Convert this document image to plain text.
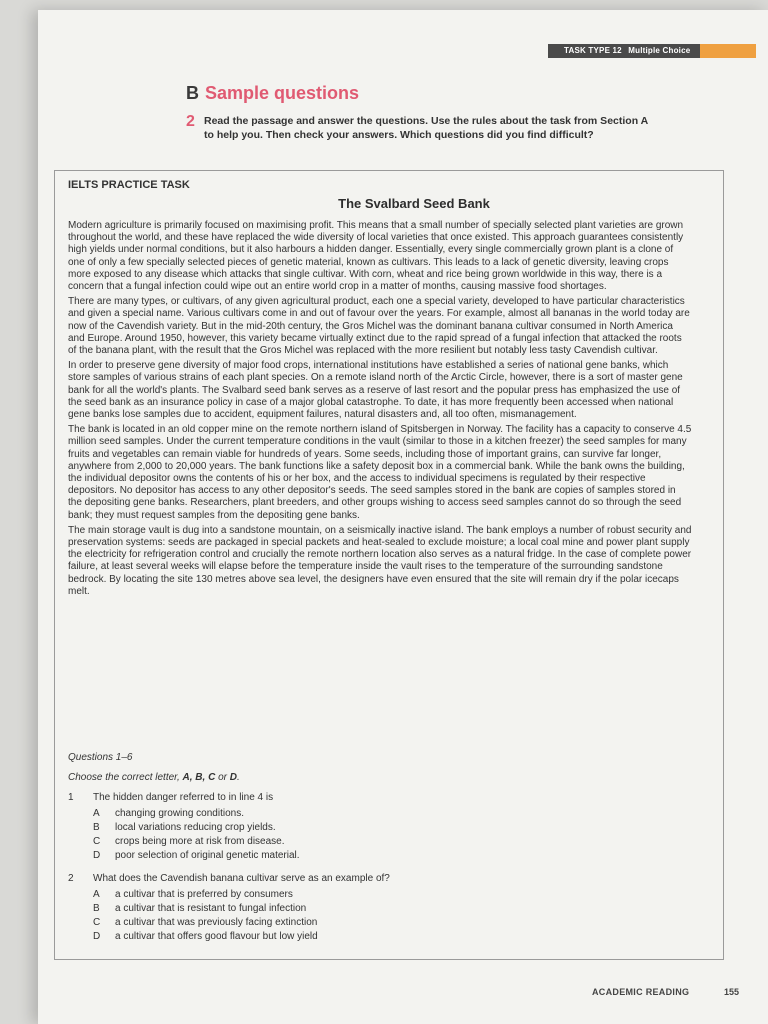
TASK TYPE 12 Multiple Choice
B Sample questions
2 Read the passage and answer the questions. Use the rules about the task from Section A to help you. Then check your answers. Which questions did you find difficult?

IELTS PRACTICE TASK
The Svalbard Seed Bank

Modern agriculture is primarily focused on maximising profit. This means that a small number of specially selected plant varieties are grown throughout the world, and these have replaced the wide diversity of local varieties that once existed. This approach guarantees consistently high yields under normal conditions, but it also harbours a hidden danger. Essentially, every single commercially grown plant is a clone of one of only a few specially selected pieces of genetic material, known as cultivars. This leads to a lack of genetic diversity, leaving crops more exposed to any disease which attacks that single cultivar. With corn, wheat and rice being grown worldwide in this way, there is a concern that a fungal infection could wipe out an entire world crop in a matter of months, causing massive food shortages.

There are many types, or cultivars, of any given agricultural product, each one a special variety, developed to have particular characteristics and given a special name. Various cultivars come in and out of favour over the years. For example, almost all bananas in the world today are now of the Cavendish variety. But in the mid-20th century, the Gros Michel was the dominant banana cultivar consumed in North America and Europe. Around 1950, however, this variety became virtually extinct due to the rapid spread of a fungal infection that attacked the roots of the banana plant, with the result that the Gros Michel was replaced with the more resilient but notably less tasty Cavendish cultivar.

In order to preserve gene diversity of major food crops, international institutions have established a series of national gene banks, which store samples of various strains of each plant species. On a remote island north of the Arctic Circle, however, there is a sort of master gene bank for all the world's plants. The Svalbard seed bank serves as a reserve of last resort and the popular press has emphasized the use of the seed bank as an insurance policy in case of a major global catastrophe. To date, it has more frequently been accessed when national gene banks lose samples due to accident, equipment failures, natural disasters and, all too often, mismanagement.

The bank is located in an old copper mine on the remote northern island of Spitsbergen in Norway. The facility has a capacity to conserve 4.5 million seed samples. Under the current temperature conditions in the vault (similar to those in a kitchen freezer) the seed samples for many fruits and vegetables can remain viable for hundreds of years. Some seeds, including those of important grains, can survive far longer, anywhere from 2,000 to 20,000 years. The bank functions like a safety deposit box in a commercial bank. While the bank owns the building, the individual depositor owns the contents of his or her box, and the access to individual specimens is regulated by their respective depositors. No depositor has access to any other depositor's seeds. The seed samples stored in the bank are copies of samples stored in the depositing gene banks. Researchers, plant breeders, and other groups wishing to access seed samples cannot do so through the seed bank; they must request samples from the depositing gene banks.

The main storage vault is dug into a sandstone mountain, on a seismically inactive island. The bank employs a number of robust security and preservation systems: seeds are packaged in special packets and heat-sealed to exclude moisture; a local coal mine and power plant supply the electricity for refrigeration control and crucially the remote northern location also serves as a natural fridge. In the case of complete power failure, at least several weeks will elapse before the temperature inside the vault rises to the temperature of the surrounding sandstone bedrock. By locating the site 130 metres above sea level, the designers have even ensured that the site will remain dry if the polar icecaps melt.

Questions 1–6

Choose the correct letter, A, B, C or D.

1	The hidden danger referred to in line 4 is
A	changing growing conditions.
B	local variations reducing crop yields.
C	crops being more at risk from disease.
D	poor selection of original genetic material.
2	What does the Cavendish banana cultivar serve as an example of?
A	a cultivar that is preferred by consumers
B	a cultivar that is resistant to fungal infection
C	a cultivar that was previously facing extinction
D	a cultivar that offers good flavour but low yield
ACADEMIC READING	155
